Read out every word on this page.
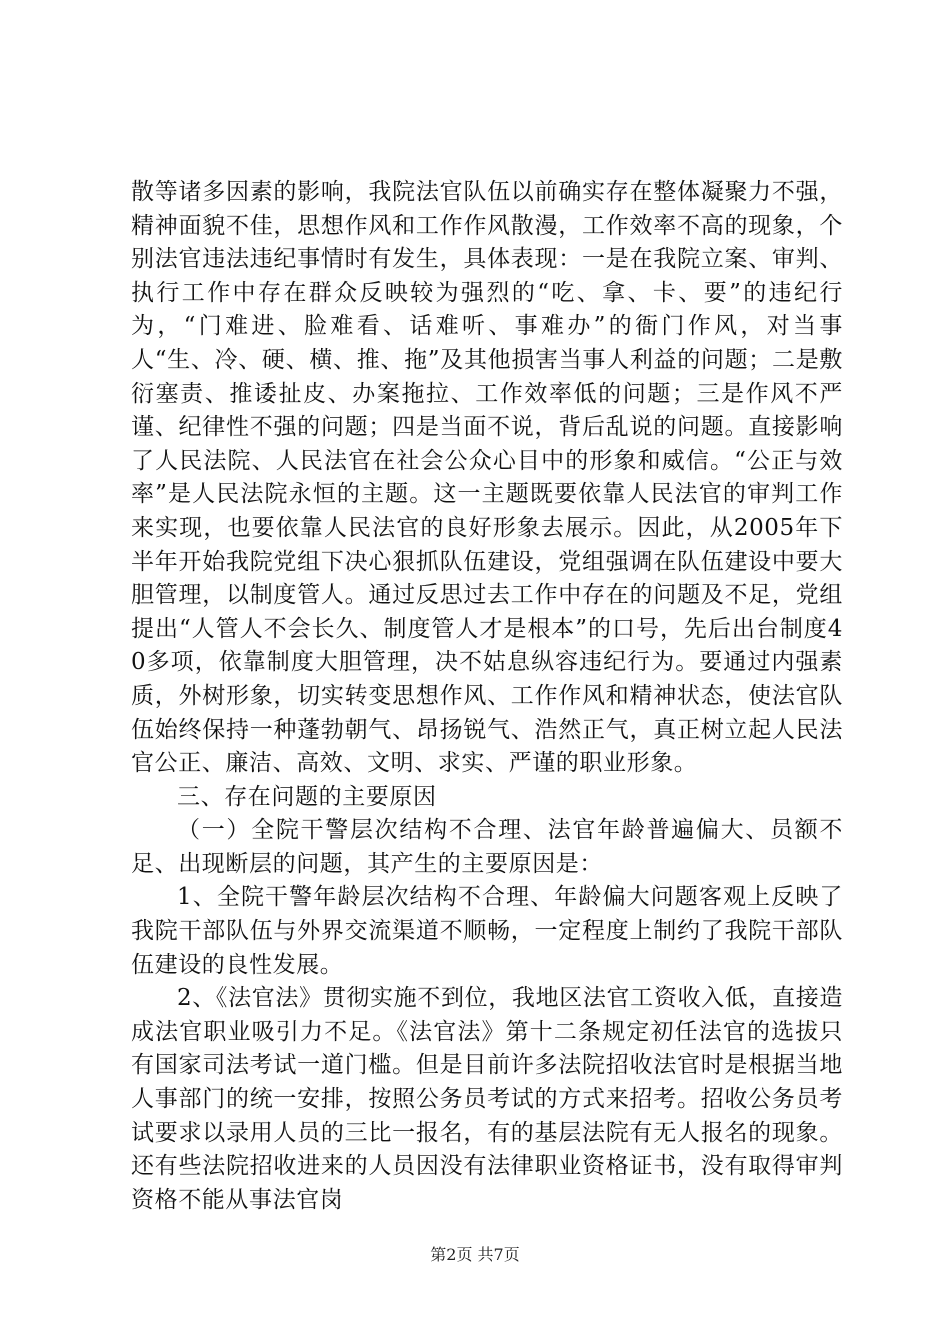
散等诸多因素的影响，我院法官队伍以前确实存在整体凝聚力不强，精神面貌不佳，思想作风和工作作风散漫，工作效率不高的现象，个别法官违法违纪事情时有发生，具体表现：一是在我院立案、审判、执行工作中存在群众反映较为强烈的“吃、拿、卡、要”的违纪行为，“门难进、脸难看、话难听、事难办”的衙门作风，对当事人“生、冷、硬、横、推、拖”及其他损害当事人利益的问题；二是敷衍塞责、推诿扯皮、办案拖拉、工作效率低的问题；三是作风不严谨、纪律性不强的问题；四是当面不说，背后乱说的问题。直接影响了人民法院、人民法官在社会公众心目中的形象和威信。“公正与效率”是人民法院永恒的主题。这一主题既要依靠人民法官的审判工作来实现，也要依靠人民法官的良好形象去展示。因此，从2005年下半年开始我院党组下决心狠抓队伍建设，党组强调在队伍建设中要大胆管理，以制度管人。通过反思过去工作中存在的问题及不足，党组提出“人管人不会长久、制度管人才是根本”的口号，先后出台制度40多项，依靠制度大胆管理，决不姑息纵容违纪行为。要通过内强素质，外树形象，切实转变思想作风、工作作风和精神状态，使法官队伍始终保持一种蓬勃朝气、昂扬锐气、浩然正气，真正树立起人民法官公正、廉洁、高效、文明、求实、严谨的职业形象。

三、存在问题的主要原因

（一）全院干警层次结构不合理、法官年龄普遍偏大、员额不足、出现断层的问题，其产生的主要原因是：

1、全院干警年龄层次结构不合理、年龄偏大问题客观上反映了我院干部队伍与外界交流渠道不顺畅，一定程度上制约了我院干部队伍建设的良性发展。

2、《法官法》贯彻实施不到位，我地区法官工资收入低，直接造成法官职业吸引力不足。《法官法》第十二条规定初任法官的选拔只有国家司法考试一道门槛。但是目前许多法院招收法官时是根据当地人事部门的统一安排，按照公务员考试的方式来招考。招收公务员考试要求以录用人员的三比一报名，有的基层法院有无人报名的现象。还有些法院招收进来的人员因没有法律职业资格证书，没有取得审判资格不能从事法官岗

第2页 共7页
